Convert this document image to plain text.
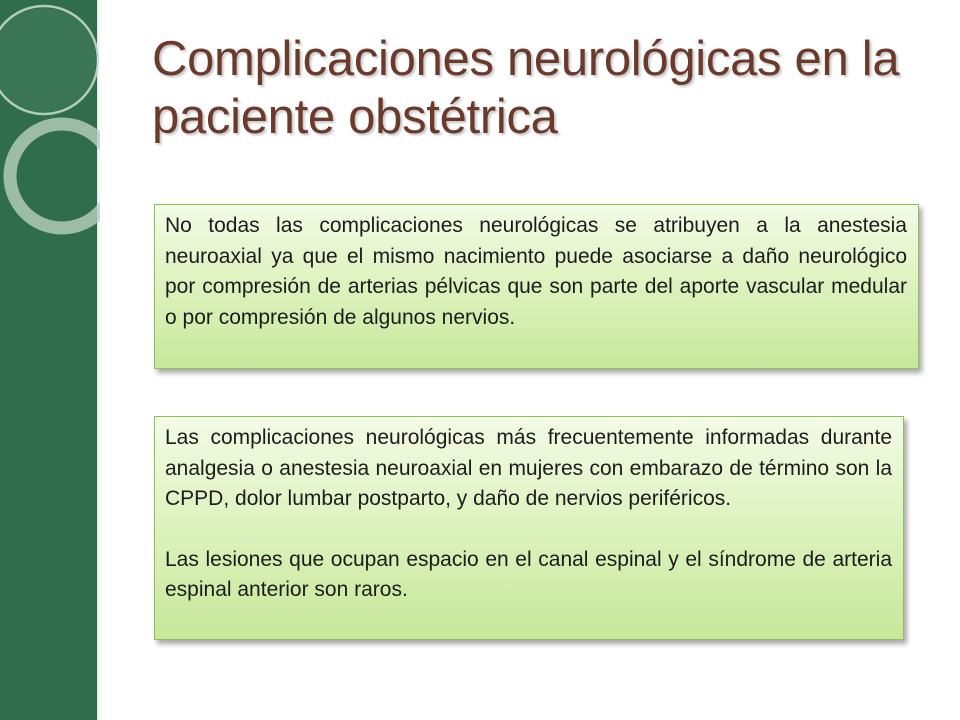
Complicaciones neurológicas en la paciente obstétrica

No todas las complicaciones neurológicas se atribuyen a la anestesia neuroaxial ya que el mismo nacimiento puede asociarse a daño neurológico por compresión de arterias pélvicas que son parte del aporte vascular medular o por compresión de algunos nervios.

Las complicaciones neurológicas más frecuentemente informadas durante analgesia o anestesia neuroaxial en mujeres con embarazo de término son la CPPD, dolor lumbar postparto, y daño de nervios periféricos.

Las lesiones que ocupan espacio en el canal espinal y el síndrome de arteria espinal anterior son raros.
